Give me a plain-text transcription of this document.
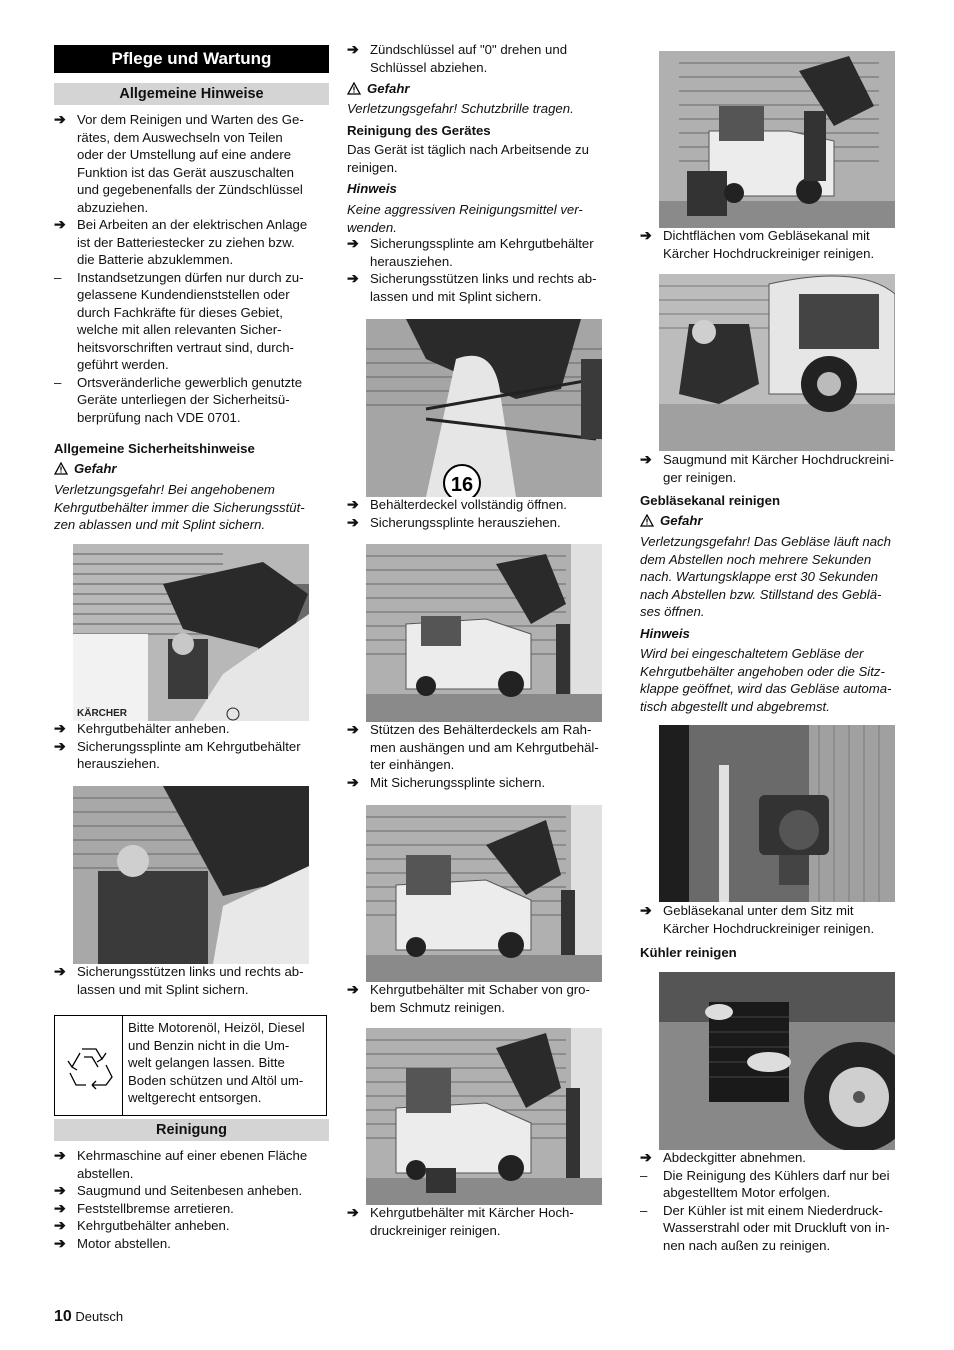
Pflege und Wartung
Allgemeine Hinweise
➔ Vor dem Reinigen und Warten des Ge-
rätes, dem Auswechseln von Teilen
oder der Umstellung auf eine andere
Funktion ist das Gerät auszuschalten
und gegebenenfalls der Zündschlüssel
abzuziehen.
➔ Bei Arbeiten an der elektrischen Anlage
ist der Batteriestecker zu ziehen bzw.
die Batterie abzuklemmen.
–	Instandsetzungen dürfen nur durch zu-
gelassene Kundendienststellen oder
durch Fachkräfte für dieses Gebiet,
welche mit allen relevanten Sicher-
heitsvorschriften vertraut sind, durch-
geführt werden.
–	Ortsveränderliche gewerblich genutzte
Geräte unterliegen der Sicherheitsü-
berprüfung nach VDE 0701.
Allgemeine Sicherheitshinweise
Gefahr
Verletzungsgefahr! Bei angehobenem
Kehrgutbehälter immer die Sicherungsstüt-
zen ablassen und mit Splint sichern.
KÄRCHER
➔ Kehrgutbehälter anheben.
➔ Sicherungssplinte am Kehrgutbehälter
herausziehen.
➔ Sicherungsstützen links und rechts ab-
lassen und mit Splint sichern.
Bitte Motorenöl, Heizöl, Diesel
und Benzin nicht in die Um-
welt gelangen lassen. Bitte
Boden schützen und Altöl um-
weltgerecht entsorgen.
Reinigung
➔ Kehrmaschine auf einer ebenen Fläche
abstellen.
➔ Saugmund und Seitenbesen anheben.
➔ Feststellbremse arretieren.
➔ Kehrgutbehälter anheben.
➔ Motor abstellen.
➔ Zündschlüssel auf "0" drehen und
Schlüssel abziehen.
Gefahr
Verletzungsgefahr! Schutzbrille tragen.
Reinigung des Gerätes
Das Gerät ist täglich nach Arbeitsende zu
reinigen.
Hinweis
Keine aggressiven Reinigungsmittel ver-
wenden.
➔ Sicherungssplinte am Kehrgutbehälter
herausziehen.
➔ Sicherungsstützen links und rechts ab-
lassen und mit Splint sichern.
16
➔ Behälterdeckel vollständig öffnen.
➔ Sicherungssplinte herausziehen.
➔ Stützen des Behälterdeckels am Rah-
men aushängen und am Kehrgutbehäl-
ter einhängen.
➔ Mit Sicherungssplinte sichern.
➔ Kehrgutbehälter mit Schaber von gro-
bem Schmutz reinigen.
➔ Kehrgutbehälter mit Kärcher Hoch-
druckreiniger reinigen.
➔ Dichtflächen vom Gebläsekanal mit
Kärcher Hochdruckreiniger reinigen.
➔ Saugmund mit Kärcher Hochdruckreini-
ger reinigen.
Gebläsekanal reinigen
Gefahr
Verletzungsgefahr! Das Gebläse läuft nach
dem Abstellen noch mehrere Sekunden
nach. Wartungsklappe erst 30 Sekunden
nach Abstellen bzw. Stillstand des Geblä-
ses öffnen.
Hinweis
Wird bei eingeschaltetem Gebläse der
Kehrgutbehälter angehoben oder die Sitz-
klappe geöffnet, wird das Gebläse automa-
tisch abgestellt und abgebremst.
➔ Gebläsekanal unter dem Sitz mit
Kärcher Hochdruckreiniger reinigen.
Kühler reinigen
➔ Abdeckgitter abnehmen.
–	Die Reinigung des Kühlers darf nur bei
abgestelltem Motor erfolgen.
–	Der Kühler ist mit einem Niederdruck-
Wasserstrahl oder mit Druckluft von in-
nen nach außen zu reinigen.
10 Deutsch
